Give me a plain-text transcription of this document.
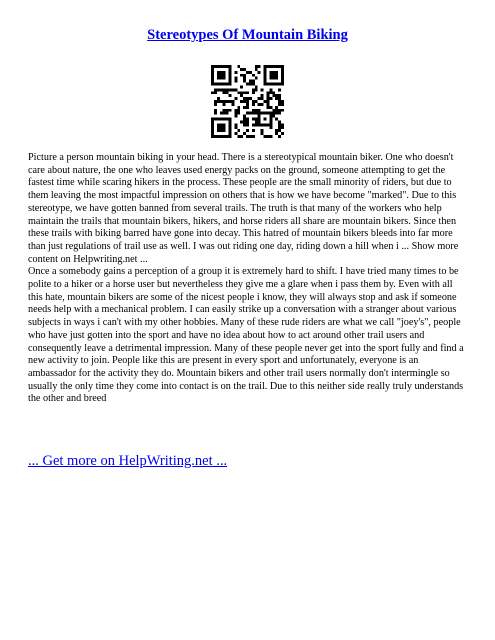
Stereotypes Of Mountain Biking

Picture a person mountain biking in your head. There is a stereotypical mountain biker. One who doesn't care about nature, the one who leaves used energy packs on the ground, someone attempting to get the fastest time while scaring hikers in the process. These people are the small minority of riders, but due to them leaving the most impactful impression on others that is how we have become "marked". Due to this stereotype, we have gotten banned from several trails. The truth is that many of the workers who help maintain the trails that mountain bikers, hikers, and horse riders all share are mountain bikers. Since then these trails with biking barred have gone into decay. This hatred of mountain bikers bleeds into far more than just regulations of trail use as well. I was out riding one day, riding down a hill when i ... Show more content on Helpwriting.net ...

Once a somebody gains a perception of a group it is extremely hard to shift. I have tried many times to be polite to a hiker or a horse user but nevertheless they give me a glare when i pass them by. Even with all this hate, mountain bikers are some of the nicest people i know, they will always stop and ask if someone needs help with a mechanical problem. I can easily strike up a conversation with a stranger about various subjects in ways i can't with my other hobbies. Many of these rude riders are what we call "joey's", people who have just gotten into the sport and have no idea about how to act around other trail users and consequently leave a detrimental impression. Many of these people never get into the sport fully and find a new activity to join. People like this are present in every sport and unfortunately, everyone is an ambassador for the activity they do. Mountain bikers and other trail users normally don't intermingle so usually the only time they come into contact is on the trail. Due to this neither side really truly understands the other and breed

... Get more on HelpWriting.net ...
